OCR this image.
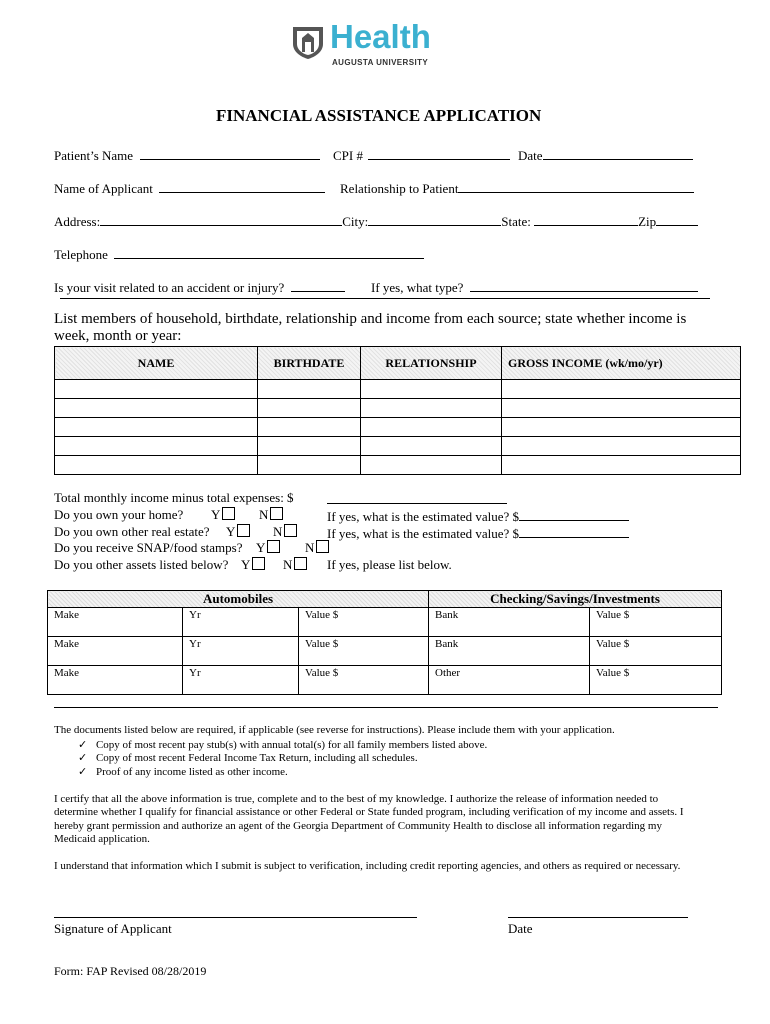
Health
AUGUSTA UNIVERSITY
FINANCIAL ASSISTANCE APPLICATION
Patient’s Name	CPI #	Date
Name of Applicant	Relationship to Patient
Address:	City:	State:	Zip
Telephone
Is your visit related to an accident or injury?	If yes, what type?
List members of household, birthdate, relationship and income from each source; state whether income is week, month or year:
NAME	BIRTHDATE	RELATIONSHIP	GROSS INCOME (wk/mo/yr)

Total monthly income minus total expenses: $
Do you own your home? Y	N	If yes, what is the estimated value? $
Do you own other real estate? Y	N	If yes, what is the estimated value? $
Do you receive SNAP/food stamps? Y	N
Do you other assets listed below? Y	N	If yes, please list below.
Automobiles			Checking/Savings/Investments	
Make	Yr	Value $	Bank	Value $
Make	Yr	Value $	Bank	Value $
Make	Yr	Value $	Other	Value $
The documents listed below are required, if applicable (see reverse for instructions). Please include them with your application.
✓ Copy of most recent pay stub(s) with annual total(s) for all family members listed above.
✓ Copy of most recent Federal Income Tax Return, including all schedules.
✓ Proof of any income listed as other income.
I certify that all the above information is true, complete and to the best of my knowledge. I authorize the release of information needed to
determine whether I qualify for financial assistance or other Federal or State funded program, including verification of my income and assets. I
hereby grant permission and authorize an agent of the Georgia Department of Community Health to disclose all information regarding my
Medicaid application.
I understand that information which I submit is subject to verification, including credit reporting agencies, and others as required or necessary.
Signature of Applicant	Date
Form: FAP Revised 08/28/2019
